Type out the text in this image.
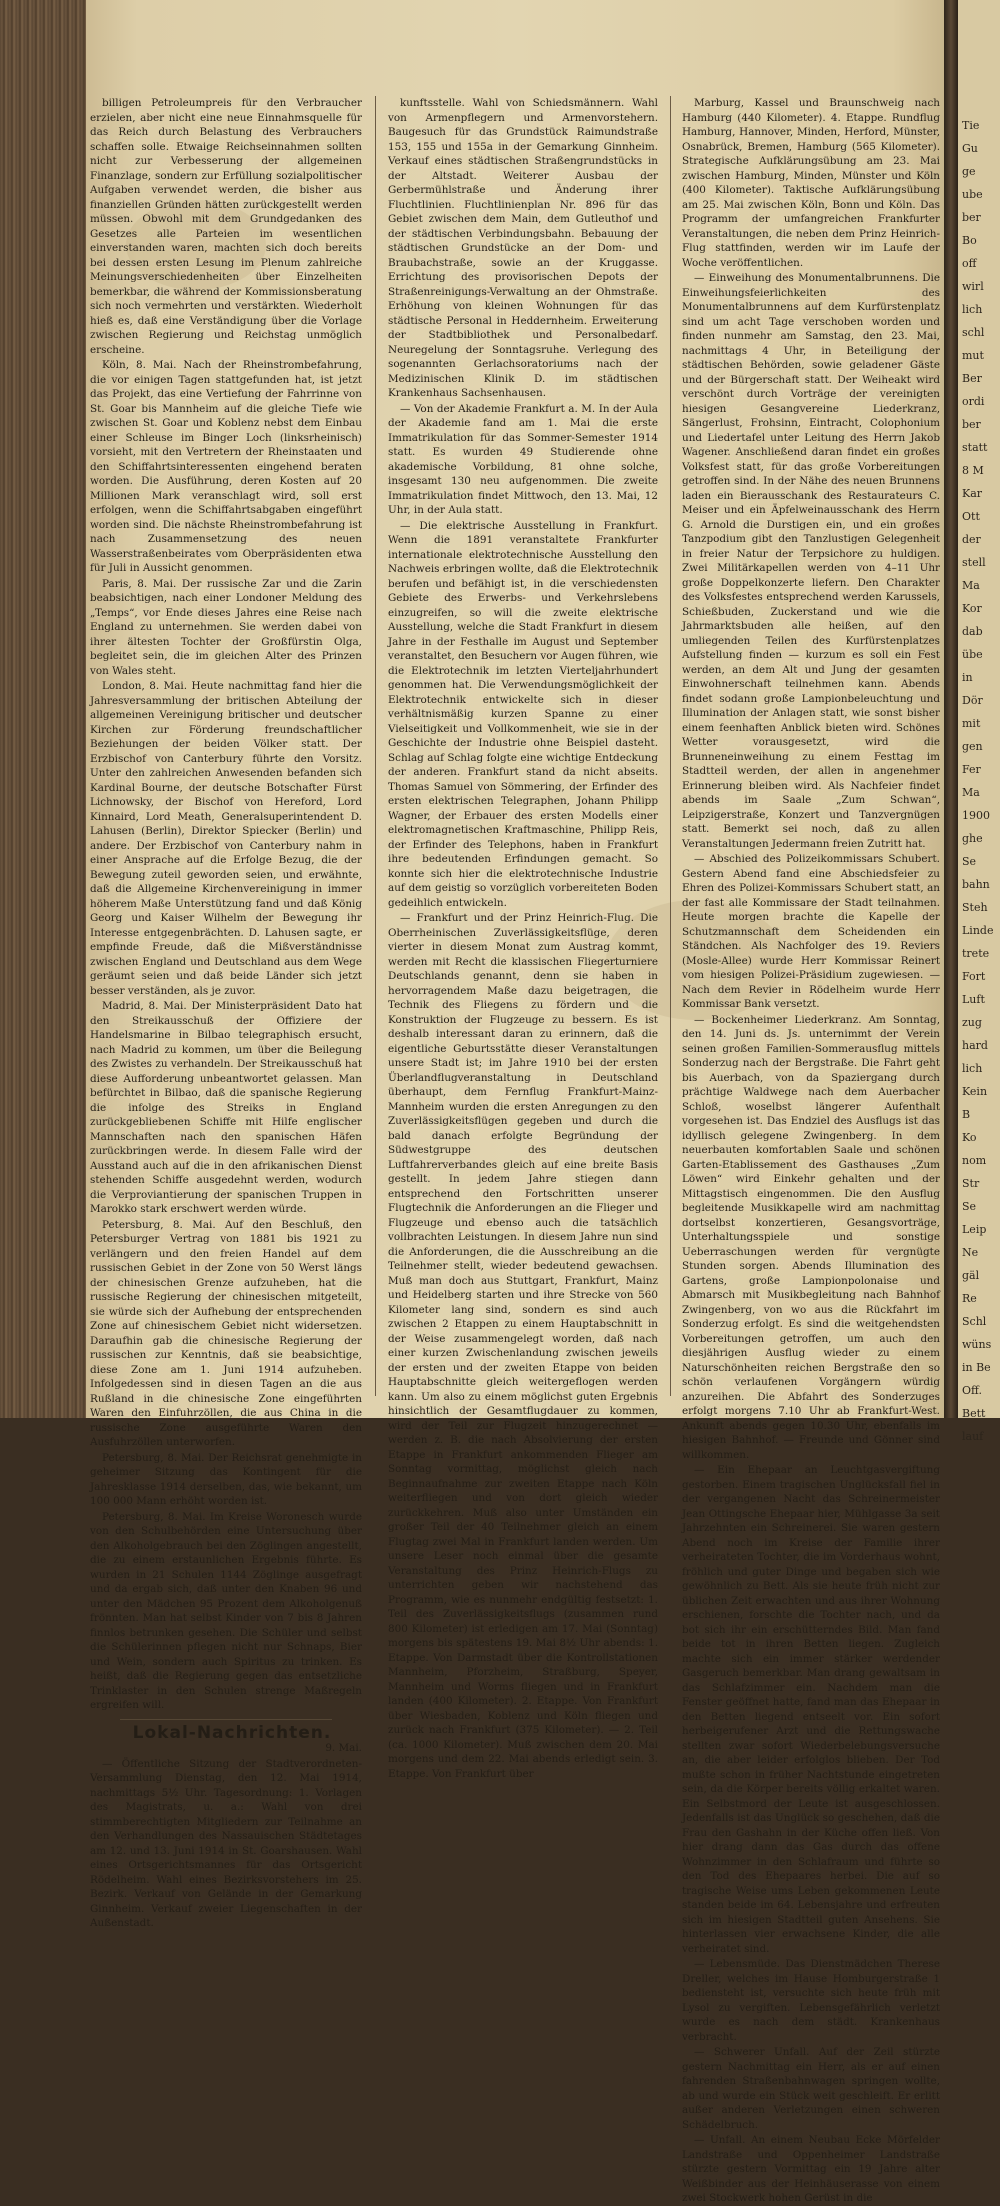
billigen Petroleumpreis für den Verbraucher erzielen, aber nicht eine neue Einnahmsquelle für das Reich durch Belastung des Verbrauchers schaffen solle. Etwaige Reichseinnahmen sollten nicht zur Verbesserung der allgemeinen Finanzlage, sondern zur Erfüllung sozialpolitischer Aufgaben verwendet werden, die bisher aus finanziellen Gründen hätten zurückgestellt werden müssen. Obwohl mit dem Grundgedanken des Gesetzes alle Parteien im wesentlichen einverstanden waren, machten sich doch bereits bei dessen ersten Lesung im Plenum zahlreiche Meinungsverschiedenheiten über Einzelheiten bemerkbar, die während der Kommissionsberatung sich noch vermehrten und verstärkten. Wiederholt hieß es, daß eine Verständigung über die Vorlage zwischen Regierung und Reichstag unmöglich erscheine.

Köln, 8. Mai. Nach der Rheinstrombefahrung, die vor einigen Tagen stattgefunden hat, ist jetzt das Projekt, das eine Vertiefung der Fahrrinne von St. Goar bis Mannheim auf die gleiche Tiefe wie zwischen St. Goar und Koblenz nebst dem Einbau einer Schleuse im Binger Loch (linksrheinisch) vorsieht, mit den Vertretern der Rheinstaaten und den Schiffahrtsinteressenten eingehend beraten worden. Die Ausführung, deren Kosten auf 20 Millionen Mark veranschlagt wird, soll erst erfolgen, wenn die Schiffahrtsabgaben eingeführt worden sind. Die nächste Rheinstrombefahrung ist nach Zusammensetzung des neuen Wasserstraßenbeirates vom Oberpräsidenten etwa für Juli in Aussicht genommen.

Paris, 8. Mai. Der russische Zar und die Zarin beabsichtigen, nach einer Londoner Meldung des „Temps“, vor Ende dieses Jahres eine Reise nach England zu unternehmen. Sie werden dabei von ihrer ältesten Tochter der Großfürstin Olga, begleitet sein, die im gleichen Alter des Prinzen von Wales steht.

London, 8. Mai. Heute nachmittag fand hier die Jahresversammlung der britischen Abteilung der allgemeinen Vereinigung britischer und deutscher Kirchen zur Förderung freundschaftlicher Beziehungen der beiden Völker statt. Der Erzbischof von Canterbury führte den Vorsitz. Unter den zahlreichen Anwesenden befanden sich Kardinal Bourne, der deutsche Botschafter Fürst Lichnowsky, der Bischof von Hereford, Lord Kinnaird, Lord Meath, Generalsuperintendent D. Lahusen (Berlin), Direktor Spiecker (Berlin) und andere. Der Erzbischof von Canterbury nahm in einer Ansprache auf die Erfolge Bezug, die der Bewegung zuteil geworden seien, und erwähnte, daß die Allgemeine Kirchenvereinigung in immer höherem Maße Unterstützung fand und daß König Georg und Kaiser Wilhelm der Bewegung ihr Interesse entgegenbrächten. D. Lahusen sagte, er empfinde Freude, daß die Mißverständnisse zwischen England und Deutschland aus dem Wege geräumt seien und daß beide Länder sich jetzt besser verständen, als je zuvor.

Madrid, 8. Mai. Der Ministerpräsident Dato hat den Streikausschuß der Offiziere der Handelsmarine in Bilbao telegraphisch ersucht, nach Madrid zu kommen, um über die Beilegung des Zwistes zu verhandeln. Der Streikausschuß hat diese Aufforderung unbeantwortet gelassen. Man befürchtet in Bilbao, daß die spanische Regierung die infolge des Streiks in England zurückgebliebenen Schiffe mit Hilfe englischer Mannschaften nach den spanischen Häfen zurückbringen werde. In diesem Falle wird der Ausstand auch auf die in den afrikanischen Dienst stehenden Schiffe ausgedehnt werden, wodurch die Verproviantierung der spanischen Truppen in Marokko stark erschwert werden würde.

Petersburg, 8. Mai. Auf den Beschluß, den Petersburger Vertrag von 1881 bis 1921 zu verlängern und den freien Handel auf dem russischen Gebiet in der Zone von 50 Werst längs der chinesischen Grenze aufzuheben, hat die russische Regierung der chinesischen mitgeteilt, sie würde sich der Aufhebung der entsprechenden Zone auf chinesischem Gebiet nicht widersetzen. Daraufhin gab die chinesische Regierung der russischen zur Kenntnis, daß sie beabsichtige, diese Zone am 1. Juni 1914 aufzuheben. Infolgedessen sind in diesen Tagen an die aus Rußland in die chinesische Zone eingeführten Waren den Einfuhrzöllen, die aus China in die russische Zone ausgeführte Waren den Ausfuhrzöllen unterworfen.

Petersburg, 8. Mai. Der Reichsrat genehmigte in geheimer Sitzung das Kontingent für die Jahresklasse 1914 derselben, das, wie bekannt, um 100 000 Mann erhöht worden ist.

Petersburg, 8. Mai. Im Kreise Woronesch wurde von den Schulbehörden eine Untersuchung über den Alkoholgebrauch bei den Zöglingen angestellt, die zu einem erstaunlichen Ergebnis führte. Es wurden in 21 Schulen 1144 Zöglinge ausgefragt und da ergab sich, daß unter den Knaben 96 und unter den Mädchen 95 Prozent dem Alkoholgenuß frönnten. Man hat selbst Kinder von 7 bis 8 Jahren finnlos betrunken gesehen. Die Schüler und selbst die Schülerinnen pflegen nicht nur Schnaps, Bier und Wein, sondern auch Spiritus zu trinken. Es heißt, daß die Regierung gegen das entsetzliche Trinklaster in den Schulen strenge Maßregeln ergreifen will.

Lokal-Nachrichten.

9. Mai.

— Öffentliche Sitzung der Stadtverordneten-Versammlung Dienstag, den 12. Mai 1914, nachmittags 5½ Uhr. Tagesordnung: 1. Vorlagen des Magistrats, u. a.: Wahl von drei stimmberechtigten Mitgliedern zur Teilnahme an den Verhandlungen des Nassauischen Städtetages am 12. und 13. Juni 1914 in St. Goarshausen. Wahl eines Ortsgerichtsmannes für das Ortsgericht Rödelheim. Wahl eines Bezirksvorstehers im 25. Bezirk. Verkauf von Gelände in der Gemarkung Ginnheim. Verkauf zweier Liegenschaften in der Außenstadt.

kunftsstelle. Wahl von Schiedsmännern. Wahl von Armenpflegern und Armenvorstehern. Baugesuch für das Grundstück Raimundstraße 153, 155 und 155a in der Gemarkung Ginnheim. Verkauf eines städtischen Straßengrundstücks in der Altstadt. Weiterer Ausbau der Gerbermühlstraße und Änderung ihrer Fluchtlinien. Fluchtlinienplan Nr. 896 für das Gebiet zwischen dem Main, dem Gutleuthof und der städtischen Verbindungsbahn. Bebauung der städtischen Grundstücke an der Dom- und Braubachstraße, sowie an der Kruggasse. Errichtung des provisorischen Depots der Straßenreinigungs-Verwaltung an der Ohmstraße. Erhöhung von kleinen Wohnungen für das städtische Personal in Heddernheim. Erweiterung der Stadtbibliothek und Personalbedarf. Neuregelung der Sonntagsruhe. Verlegung des sogenannten Gerlachsoratoriums nach der Medizinischen Klinik D. im städtischen Krankenhaus Sachsenhausen.

— Von der Akademie Frankfurt a. M. In der Aula der Akademie fand am 1. Mai die erste Immatrikulation für das Sommer-Semester 1914 statt. Es wurden 49 Studierende ohne akademische Vorbildung, 81 ohne solche, insgesamt 130 neu aufgenommen. Die zweite Immatrikulation findet Mittwoch, den 13. Mai, 12 Uhr, in der Aula statt.

— Die elektrische Ausstellung in Frankfurt. Wenn die 1891 veranstaltete Frankfurter internationale elektrotechnische Ausstellung den Nachweis erbringen wollte, daß die Elektrotechnik berufen und befähigt ist, in die verschiedensten Gebiete des Erwerbs- und Verkehrslebens einzugreifen, so will die zweite elektrische Ausstellung, welche die Stadt Frankfurt in diesem Jahre in der Festhalle im August und September veranstaltet, den Besuchern vor Augen führen, wie die Elektrotechnik im letzten Vierteljahrhundert genommen hat. Die Verwendungsmöglichkeit der Elektrotechnik entwickelte sich in dieser verhältnismäßig kurzen Spanne zu einer Vielseitigkeit und Vollkommenheit, wie sie in der Geschichte der Industrie ohne Beispiel dasteht. Schlag auf Schlag folgte eine wichtige Entdeckung der anderen. Frankfurt stand da nicht abseits. Thomas Samuel von Sömmering, der Erfinder des ersten elektrischen Telegraphen, Johann Philipp Wagner, der Erbauer des ersten Modells einer elektromagnetischen Kraftmaschine, Philipp Reis, der Erfinder des Telephons, haben in Frankfurt ihre bedeutenden Erfindungen gemacht. So konnte sich hier die elektrotechnische Industrie auf dem geistig so vorzüglich vorbereiteten Boden gedeihlich entwickeln.

— Frankfurt und der Prinz Heinrich-Flug. Die Oberrheinischen Zuverlässigkeitsflüge, deren vierter in diesem Monat zum Austrag kommt, werden mit Recht die klassischen Fliegerturniere Deutschlands genannt, denn sie haben in hervorragendem Maße dazu beigetragen, die Technik des Fliegens zu fördern und die Konstruktion der Flugzeuge zu bessern. Es ist deshalb interessant daran zu erinnern, daß die eigentliche Geburtsstätte dieser Veranstaltungen unsere Stadt ist; im Jahre 1910 bei der ersten Überlandflugveranstaltung in Deutschland überhaupt, dem Fernflug Frankfurt-Mainz-Mannheim wurden die ersten Anregungen zu den Zuverlässigkeitsflügen gegeben und durch die bald danach erfolgte Begründung der Südwestgruppe des deutschen Luftfahrerverbandes gleich auf eine breite Basis gestellt. In jedem Jahre stiegen dann entsprechend den Fortschritten unserer Flugtechnik die Anforderungen an die Flieger und Flugzeuge und ebenso auch die tatsächlich vollbrachten Leistungen. In diesem Jahre nun sind die Anforderungen, die die Ausschreibung an die Teilnehmer stellt, wieder bedeutend gewachsen. Muß man doch aus Stuttgart, Frankfurt, Mainz und Heidelberg starten und ihre Strecke von 560 Kilometer lang sind, sondern es sind auch zwischen 2 Etappen zu einem Hauptabschnitt in der Weise zusammengelegt worden, daß nach einer kurzen Zwischenlandung zwischen jeweils der ersten und der zweiten Etappe von beiden Hauptabschnitte gleich weitergeflogen werden kann. Um also zu einem möglichst guten Ergebnis hinsichtlich der Gesamtflugdauer zu kommen, wird der Teil zur Flugzeit hinzugerechnet — werden z. B. die nach Absolvierung der ersten Etappe in Frankfurt ankommenden Flieger am Sonntag vormittag, möglichst gleich nach Beginnaufnahme zur zweiten Etappe nach Köln weiterfliegen und von dort gleich wieder zurückkehren. Muß also unter Umständen ein großer Teil der 40 Teilnehmer gleich an einem Flugtag zwei Mal in Frankfurt landen werden. Um unsere Leser noch einmal über die gesamte Veranstaltung des Prinz Heinrich-Flugs zu unterrichten geben wir nachstehend das Programm, wie es nunmehr endgültig festsetzt: 1. Teil des Zuverlässigkeitsflugs (zusammen rund 800 Kilometer) ist erledigen am 17. Mai (Sonntag) morgens bis spätestens 19. Mai 8½ Uhr abends: 1. Etappe. Von Darmstadt über die Kontrollstationen Mannheim, Pforzheim, Straßburg, Speyer, Mannheim und Worms fliegen und in Frankfurt landen (400 Kilometer). 2. Etappe. Von Frankfurt über Wiesbaden, Koblenz und Köln fliegen und zurück nach Frankfurt (375 Kilometer). — 2. Teil (ca. 1000 Kilometer). Muß zwischen dem 20. Mai morgens und dem 22. Mai abends erledigt sein. 3. Etappe. Von Frankfurt über

Marburg, Kassel und Braunschweig nach Hamburg (440 Kilometer). 4. Etappe. Rundflug Hamburg, Hannover, Minden, Herford, Münster, Osnabrück, Bremen, Hamburg (565 Kilometer). Strategische Aufklärungsübung am 23. Mai zwischen Hamburg, Minden, Münster und Köln (400 Kilometer). Taktische Aufklärungsübung am 25. Mai zwischen Köln, Bonn und Köln. Das Programm der umfangreichen Frankfurter Veranstaltungen, die neben dem Prinz Heinrich-Flug stattfinden, werden wir im Laufe der Woche veröffentlichen.

— Einweihung des Monumentalbrunnens. Die Einweihungsfeierlichkeiten des Monumentalbrunnens auf dem Kurfürstenplatz sind um acht Tage verschoben worden und finden nunmehr am Samstag, den 23. Mai, nachmittags 4 Uhr, in Beteiligung der städtischen Behörden, sowie geladener Gäste und der Bürgerschaft statt. Der Weiheakt wird verschönt durch Vorträge der vereinigten hiesigen Gesangvereine Liederkranz, Sängerlust, Frohsinn, Eintracht, Colophonium und Liedertafel unter Leitung des Herrn Jakob Wagener. Anschließend daran findet ein großes Volksfest statt, für das große Vorbereitungen getroffen sind. In der Nähe des neuen Brunnens laden ein Bierausschank des Restaurateurs C. Meiser und ein Äpfelweinausschank des Herrn G. Arnold die Durstigen ein, und ein großes Tanzpodium gibt den Tanzlustigen Gelegenheit in freier Natur der Terpsichore zu huldigen. Zwei Militärkapellen werden von 4–11 Uhr große Doppelkonzerte liefern. Den Charakter des Volksfestes entsprechend werden Karussels, Schießbuden, Zuckerstand und wie die Jahrmarktsbuden alle heißen, auf den umliegenden Teilen des Kurfürstenplatzes Aufstellung finden — kurzum es soll ein Fest werden, an dem Alt und Jung der gesamten Einwohnerschaft teilnehmen kann. Abends findet sodann große Lampionbeleuchtung und Illumination der Anlagen statt, wie sonst bisher einem feenhaften Anblick bieten wird. Schönes Wetter vorausgesetzt, wird die Brunneneinweihung zu einem Festtag im Stadtteil werden, der allen in angenehmer Erinnerung bleiben wird. Als Nachfeier findet abends im Saale „Zum Schwan“, Leipzigerstraße, Konzert und Tanzvergnügen statt. Bemerkt sei noch, daß zu allen Veranstaltungen Jedermann freien Zutritt hat.

— Abschied des Polizeikommissars Schubert. Gestern Abend fand eine Abschiedsfeier zu Ehren des Polizei-Kommissars Schubert statt, an der fast alle Kommissare der Stadt teilnahmen. Heute morgen brachte die Kapelle der Schutzmannschaft dem Scheidenden ein Ständchen. Als Nachfolger des 19. Reviers (Mosle-Allee) wurde Herr Kommissar Reinert vom hiesigen Polizei-Präsidium zugewiesen. — Nach dem Revier in Rödelheim wurde Herr Kommissar Bank versetzt.

— Bockenheimer Liederkranz. Am Sonntag, den 14. Juni ds. Js. unternimmt der Verein seinen großen Familien-Sommerausflug mittels Sonderzug nach der Bergstraße. Die Fahrt geht bis Auerbach, von da Spaziergang durch prächtige Waldwege nach dem Auerbacher Schloß, woselbst längerer Aufenthalt vorgesehen ist. Das Endziel des Ausflugs ist das idyllisch gelegene Zwingenberg. In dem neuerbauten komfortablen Saale und schönen Garten-Etablissement des Gasthauses „Zum Löwen“ wird Einkehr gehalten und der Mittagstisch eingenommen. Die den Ausflug begleitende Musikkapelle wird am nachmittag dortselbst konzertieren, Gesangsvorträge, Unterhaltungsspiele und sonstige Ueberraschungen werden für vergnügte Stunden sorgen. Abends Illumination des Gartens, große Lampionpolonaise und Abmarsch mit Musikbegleitung nach Bahnhof Zwingenberg, von wo aus die Rückfahrt im Sonderzug erfolgt. Es sind die weitgehendsten Vorbereitungen getroffen, um auch den diesjährigen Ausflug wieder zu einem Naturschönheiten reichen Bergstraße den so schön verlaufenen Vorgängern würdig anzureihen. Die Abfahrt des Sonderzuges erfolgt morgens 7.10 Uhr ab Frankfurt-West. Ankunft abends gegen 10.30 Uhr, ebenfalls im hiesigen Bahnhof. — Freunde und Gönner sind willkommen.

— Ein Ehepaar an Leuchtgasvergiftung gestorben. Einem tragischen Unglücksfall fiel in der vergangenen Nacht das Schreinermeister Jean Ottingsche Ehepaar hier, Mühlgasse 3a seit Jahrzehnten ein Schreinerei. Sie waren gestern Abend noch im Kreise der Familie ihrer verheirateten Tochter, die im Vorderhaus wohnt, fröhlich und guter Dinge und begaben sich wie gewöhnlich zu Bett. Als sie heute früh nicht zur üblichen Zeit erwachten und aus ihrer Wohnung erschienen, forschte die Tochter nach, und da bot sich ihr ein erschütterndes Bild. Man fand beide tot in ihren Betten liegen. Zugleich machte sich ein immer stärker werdender Gasgeruch bemerkbar. Man drang gewaltsam in das Schlafzimmer ein. Nachdem man die Fenster geöffnet hatte, fand man das Ehepaar in den Betten liegend entseelt vor. Ein sofort herbeigerufener Arzt und die Rettungswache stellten zwar sofort Wiederbelebungsversuche an, die aber leider erfolglos blieben. Der Tod mußte schon in früher Nachtstunde eingetreten sein, da die Körper bereits völlig erkaltet waren. Ein Selbstmord der Leute ist ausgeschlossen. Jedenfalls ist das Unglück so geschehen, daß die Frau den Gashahn in der Küche offen ließ. Von hier drang dann das Gas durch das offene Wohnzimmer in den Schlafraum und führte so den Tod des Ehepaares herbei. Die auf so tragische Weise ums Leben gekommenen Leute standen beide im 64. Lebensjahre und erfreuten sich im hiesigen Stadtteil guten Ansehens. Sie hinterlassen vier erwachsene Kinder, die alle verheiratet sind.

— Lebensmüde. Das Dienstmädchen Therese Dreller, welches im Hause Homburgerstraße 1 bediensteht ist, versuchte sich heute früh mit Lysol zu vergiften. Lebensgefährlich verletzt wurde es nach dem städt. Krankenhaus verbracht.

— Schwerer Unfall. Auf der Zeil stürzte gestern Nachmittag ein Herr, als er auf einen fahrenden Straßenbahnwagen springen wollte, ab und wurde ein Stück weit geschleift. Er erlitt außer anderen Verletzungen einen schweren Schädelbruch.

— Unfall. An einem Neubau Ecke Mörfelder Landstraße und Oppenheimer Landstraße stürzte gestern Vormittag ein 19 Jahre alter Weißbinder aus der Heinhäuserasse von einem zwei Stockwerk hohen Gerüst in die

Tie
Gu
ge
ube
ber
Bo
off
wirl
lich
schl
mut
Ber
ordi
ber
statt
8 M
Kar
Ott
der
stell
Ma
Kor
dab
übe
in
Dör
mit
gen
Fer
Ma
1900
ghe
Se
bahn
Steh
Linde
trete
Fort
Luft
zug
hard
lich
Kein
B
Ko
nom
Str
Se
Leip
Ne
gäl
Re
Schl
wüns
in Be
Off.
Bett
lauf
